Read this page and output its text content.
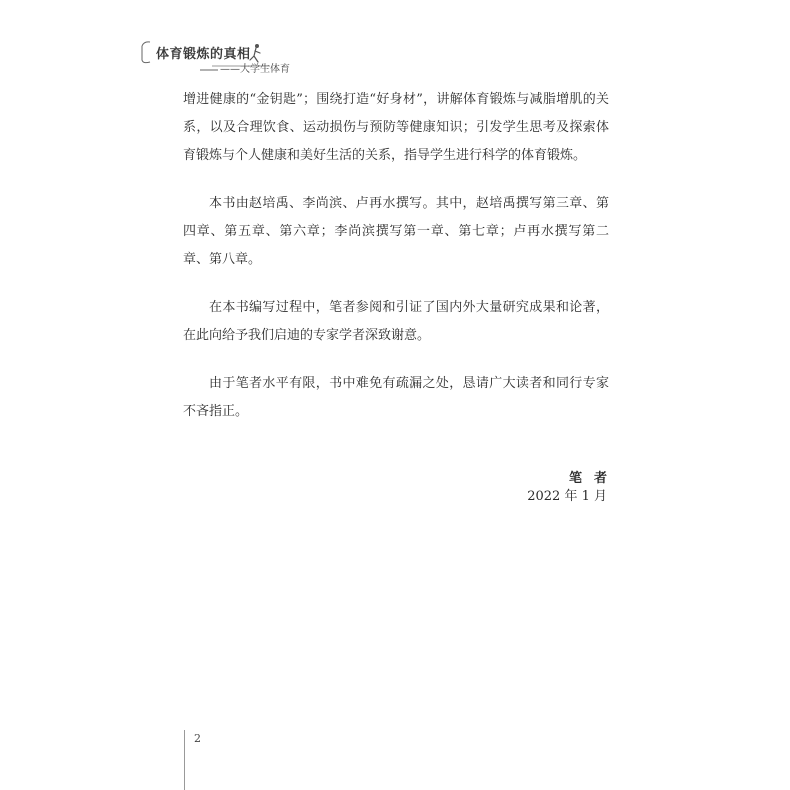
体育锻炼的真相
——大学生体育

增进健康的“金钥匙”；围绕打造“好身材”，讲解体育锻炼与减脂增肌的关系，以及合理饮食、运动损伤与预防等健康知识；引发学生思考及探索体育锻炼与个人健康和美好生活的关系，指导学生进行科学的体育锻炼。

本书由赵培禹、李尚滨、卢再水撰写。其中，赵培禹撰写第三章、第四章、第五章、第六章；李尚滨撰写第一章、第七章；卢再水撰写第二章、第八章。

在本书编写过程中，笔者参阅和引证了国内外大量研究成果和论著，在此向给予我们启迪的专家学者深致谢意。

由于笔者水平有限，书中难免有疏漏之处，恳请广大读者和同行专家不吝指正。

笔者
2022 年 1 月
2
